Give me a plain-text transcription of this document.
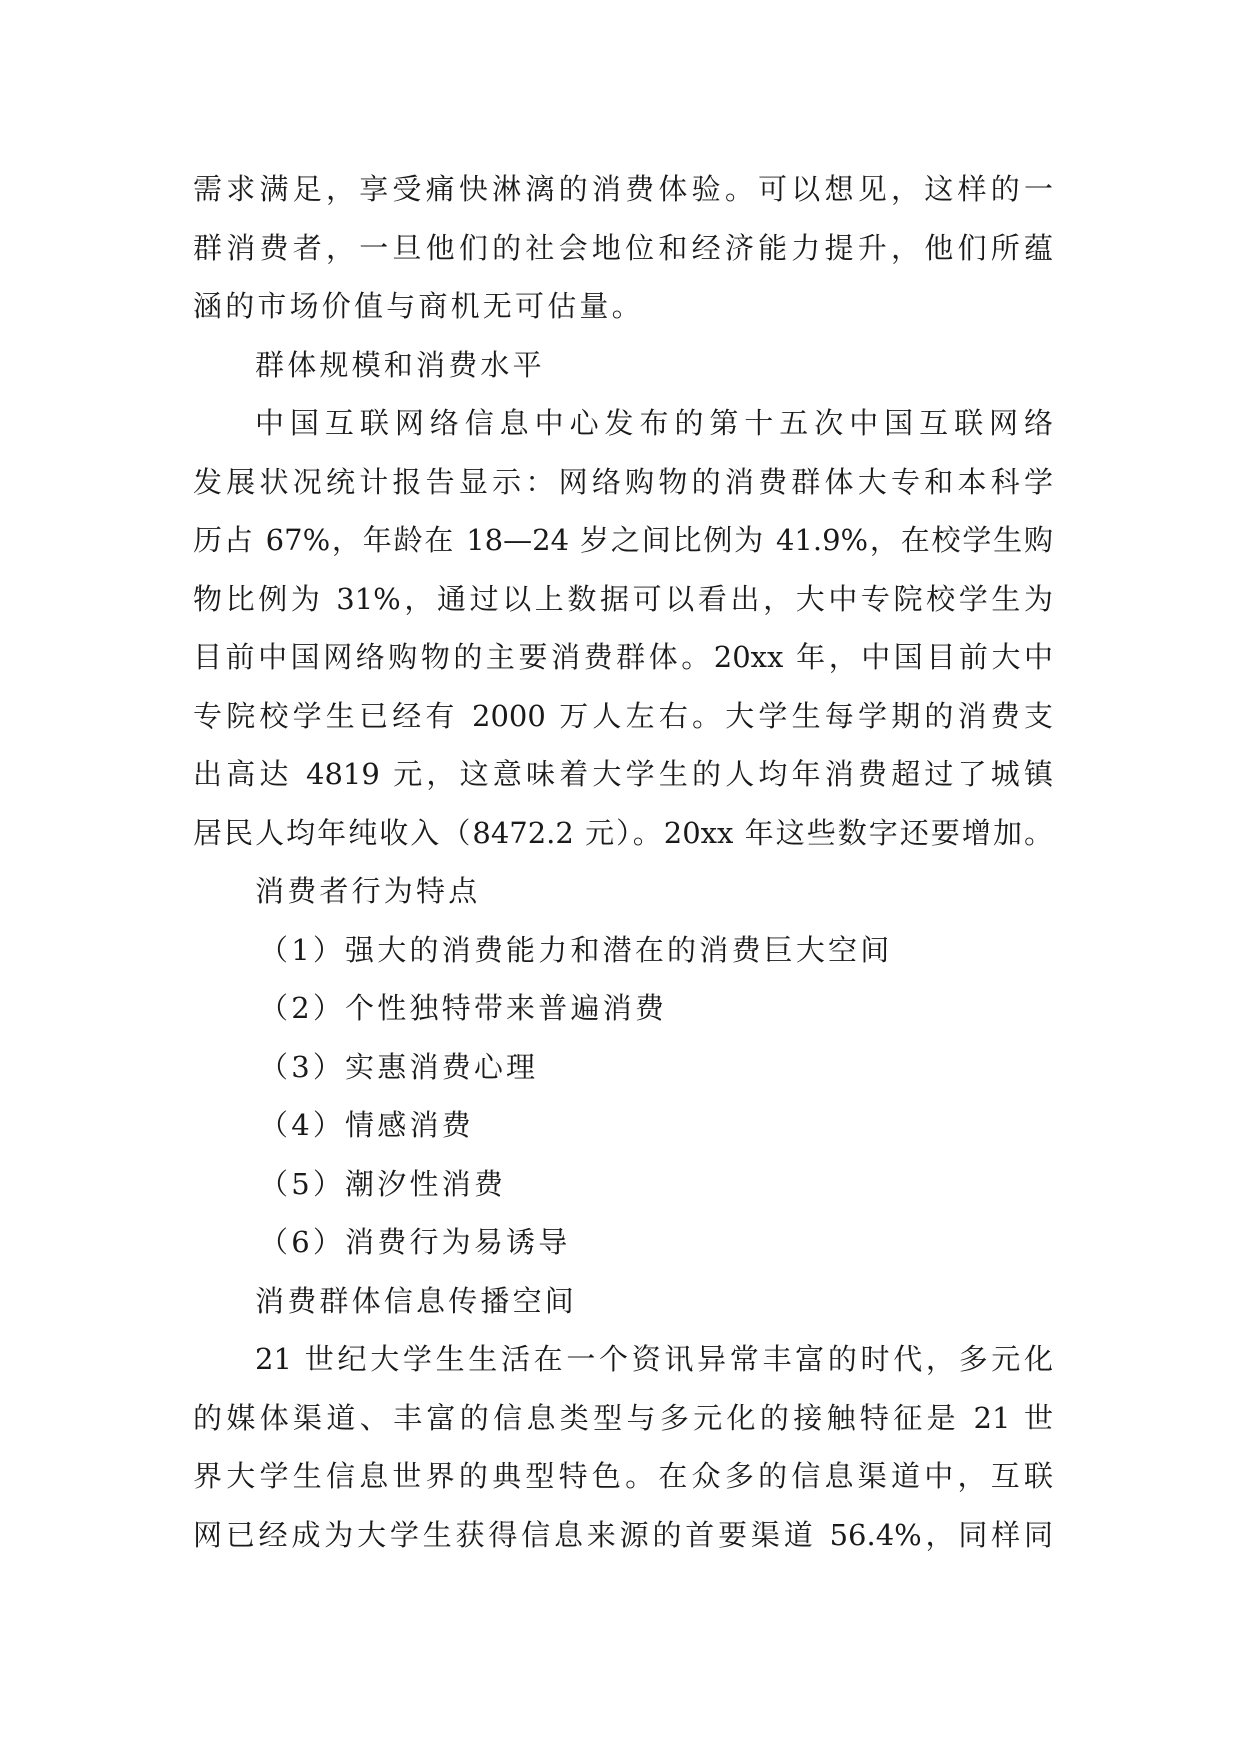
需求满足，享受痛快淋漓的消费体验。可以想见，这样的一
群消费者，一旦他们的社会地位和经济能力提升，他们所蕴
涵的市场价值与商机无可估量。
群体规模和消费水平
中国互联网络信息中心发布的第十五次中国互联网络
发展状况统计报告显示：网络购物的消费群体大专和本科学
历占 67%，年龄在 18—24 岁之间比例为 41.9%，在校学生购
物比例为 31%，通过以上数据可以看出，大中专院校学生为
目前中国网络购物的主要消费群体。20xx 年，中国目前大中
专院校学生已经有 2000 万人左右。大学生每学期的消费支
出高达 4819 元，这意味着大学生的人均年消费超过了城镇
居民人均年纯收入（8472.2 元）。20xx 年这些数字还要增加。
消费者行为特点
（1）强大的消费能力和潜在的消费巨大空间
（2）个性独特带来普遍消费
（3）实惠消费心理
（4）情感消费
（5）潮汐性消费
（6）消费行为易诱导
消费群体信息传播空间
21 世纪大学生生活在一个资讯异常丰富的时代，多元化
的媒体渠道、丰富的信息类型与多元化的接触特征是 21 世
界大学生信息世界的典型特色。在众多的信息渠道中，互联
网已经成为大学生获得信息来源的首要渠道 56.4%，同样同
